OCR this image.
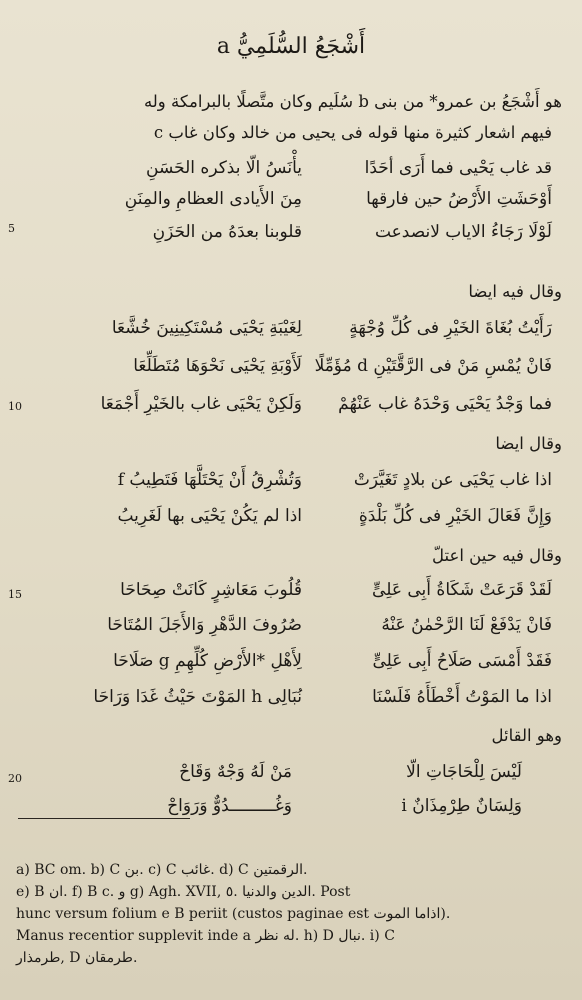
أَشْجَعُ السُّلَمِيُّ a
هو أَشْجَعُ بن عمرو* من بنى b سُلَيم وكان متَّصلًا بالبرامكة وله
فيهم اشعار كثيرة منها قوله فى يحيى من خالد وكان غاب c
قد غاب يَحْيى فما أَرَى أحَدًا
يأْنَسُ الّا بذكره الحَسَنِ
أَوْحَشَتِ الأَرْضُ حين فارقها
مِنَ الأَيادى العظامِ والمِنَنِ
5	لَوْلَا رَجَاءُ الاياب لانصدعت
قلوبنا بعدَهُ من الحَزَنِ
وقال فيه ايضا
رَأَيْتُ بُغَاةَ الخَيْرِ فى كُلِّ وُجْهَةٍ
لِغَيْبَةِ يَحْيَى مُسْتَكِينِينَ خُشَّعَا
فَانْ يُمْسِ مَنْ فى الرَّقَّتَيْنِ d مُؤَمِّلًا
لَأَوْبَةِ يَحْيَى نَحْوَهَا مُتَطَلِّعَا
10	فما وَجْدُ يَحْيَى وَحْدَهُ غاب عَنْهُمْ
وَلَكِنْ يَحْيَى غاب بالخَيْرِ أَجْمَعَا
وقال ايضا
اذا غاب يَحْيَى عن بلادٍ تَغَيَّرَتْ
وَتُشْرِقُ أَنْ يَحْتَلَّهَا فَتَطِيبُ f
وَإِنَّ فَعَالَ الخَيْرِ فى كُلِّ بَلْدَةٍ
اذا لم يَكُنْ يَحْيَى بها لَغَرِيبُ
وقال فيه حين اعتلّ
15	لَقَدْ قَرَعَتْ شَكَاةُ أَبِى عَلِىٍّ
قُلُوبَ مَعَاشِرٍ كَانَتْ صِحَاحَا
فَانْ يَدْفَعْ لَنَا الرَّحْمٰنُ عَنْهُ
صُرُوفَ الدَّهْرِ وَالأَجَلَ المُتَاحَا
فَقَدْ أَمْسَى صَلَاحُ أَبِى عَلِىٍّ
لِأَهْلِ *الأَرْضِ كُلِّهِمِ g صَلَاحَا
اذا ما المَوْتُ أَخْطَأَهُ فَلَسْنَا
نُبَالِى h المَوْتَ حَيْثُ غَدَا وَرَاحَا
وهو القائل
20	لَيْسَ لِلْحَاجَاتِ الّا
مَنْ لَهُ وَجْهٌ وَقَاحْ
وَلِسَانٌ طِرْمِذَانٌ i
وَغُـــــــــدُوٌّ وَرَوَاحْ
a) BC om. b) C بن. c) C غائب. d) C الرقمتين.
e) B ان. f) B c. و g) Agh. XVII, ٥. الدين والدنيا. Post
hunc versum folium e B periit (custos paginae est اذاما الموت).
Manus recentior supplevit inde a له نظر. h) D نبال. i) C
طرمذار, D طرمقان.
